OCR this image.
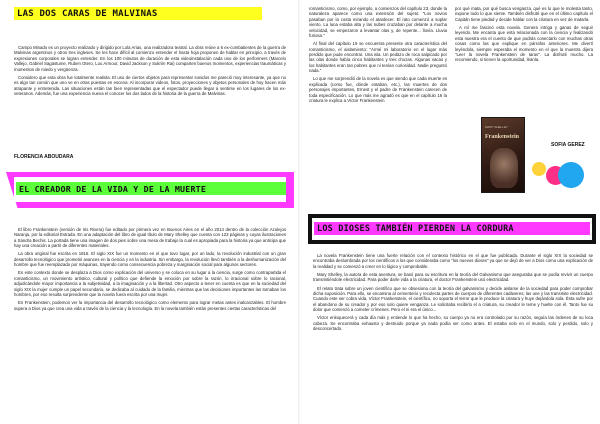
LAS DOS CARAS DE MALVINAS

Campo Minado es un proyecto realizado y dirigido por Lola Arias, una realizadora teatral. La obra reúne a 6 ex-combatientes de la guerra de Malvinas argentinos y otros tres ingleses. Se les hace difícil al comienzo entender el hasta hoja proponen de hablar en principio, a través de expresiones corporales se logran entender. En los 100 minutos de duración de esta videoinstalación cada uno de los performers (Marcelo Vallejo, Gabriel Sagastume, Ruben Otero, Lou Armour, David Jackson y Sukrim Rai) comparten buenos momentos, experiencias traumáticas y momentos de miedo y vergüenza.

Considero que esta obra fue totalmente realista. El uso de ciertos objetos para representar sonidos me pareció muy interesante, ya que no es algo tan común que uno ve en otras puestas en escena. Al incorporar videos, fotos, proyecciones y objetos personales de hoy hacen más atrapante y entretenida. Las situaciones están tan bien representadas que el espectador puede llegar a sentirse en los lugares de los ex-veteranos. Además, fue una experiencia nueva el conocer los dos lados de la historia de la guerra de Malvinas.

FLORENCIA ABOUDARA
EL CREADOR DE LA VIDA Y DE LA MUERTE

El libro Frankenstein (versión de Iris Rivera) fue editado por primera vez en Buenos Aires en el año 2014 dentro de la colección Azulejos Naranja, por la editorial Estrada. En una adaptación del libro de igual título de Mary Shelley que cuenta con 123 páginas y cuyas ilustraciones a Sandra Bechis. La portada tiene una imagen de dos pies sobre una mesa de trabajo la cual es apropiada para la historia ya que anticipa que hay una creación a partir de diferentes materiales.

La obra original fue escrita en 1816. El siglo XIX fue un momento en el que tuvo lugar, por un lado, la revolución industrial con un gran desarrollo tecnológico que prometió avances en la ciencia y en la industria. Sin embargo, la revolución llevó también a la deshumanización del hombre que fue reemplazado por máquinas, trayendo como consecuencia pobreza y marginación social para algunos sectores.

En este contexto donde se desplaza a Dios como explicación del universo y se coloca en su lugar a la ciencia, surge como contrapartida el romanticismo, un movimiento artístico, cultural y político que defiende la emoción por sobre la razón, lo irracional sobre lo racional, adjudicándole mayor importancia a la subjetividad, a la imaginación y a la libertad. Otro aspecto a tener en cuenta es que en la sociedad del siglo XIX la mujer cumple un papel secundario, se dedicaba al cuidado de la familia, mientras que las decisiones importantes las tomaban los hombres, por eso resulta sorprendente que la novela fuera escrita por una mujer.

En Frankenstein, podemos ver la importancia del desarrollo tecnológico como elemento para lograr metas antes inalcanzables. El hombre supera a Dios ya que crea una vida a través de la ciencia y la tecnología. En la novela también están presentes ciertas características del

romanticismo, como, por ejemplo, a comienzos del capítulo 23, donde la naturaleza aparece como una extensión del sujeto: "Los novios pasaban por la costa mirando el atardecer. El rato comenzó a soplar viento. La luna estaba alta y las nubes cruzaban por delante a mucha velocidad, se empezaron a levantar olas y, de repente... llovía. Lluvia furiosa."

Al final del capítulo 19 se encuentra presente otra característica del romanticismo, el aislamiento: "Armé mi laboratorio en el lugar más perdido que pude encontrar. Una isla. Un pedazo de roca salpicado por las olas donde había cinco habitantes y tres chozas. Algunas vacas y los habitantes eran tan pobres que ni tenían curiosidad. Nadie preguntó nada."

Lo que me sorprendió de la novela es que siendo que cada muerte es explicada (como fue, dónde estaban, etc.), las muertes de dos personajes importantes, Ernest y el padre de Frankenstein carecen de toda especificación. Lo que más me agradó es que en el capítulo 16 la criatura le explica a Víctor Frankenstein

por qué mata, por qué busca venganza, qué es lo que le molesta tanto, expone todo lo que siente. También disfruté que en el último capítulo el Capitán tiene piedad y decide hablar con la criatura en vez de matarla.

A mí me fascinó esta novela. Genera intriga y ganas de seguir leyendo. Me encanta que esta relacionada con la ciencia y fealizandó esta nuestra era el cuento de que podrás conectarlo con muchas otras cosas como las que explique en párrafos anteriores. Me divertí leyéndola, siempre esperaba el momento en el que la muestra dijera "Leer la novela Frankenstein de Iaras". La disfruté mucho. La recomiendo, si tienen la oportunidad, léanla.

SOFIA GEREZ
LOS DIOSES TAMBIÉN PIERDEN LA CORDURA

La novela Frankenstein tiene una fuerte relación con el contexto histórico en el que fue publicada. Durante el siglo XIX la sociedad se encontraba deslumbrada por los científicos a los que consideraba como "los nuevos dioses" ya que se dejó de ver a Dios como una explicación de la realidad y se comenzó a creer en lo lógico y comprobable.

Mary Shelley, la autora de esta aventura, se basó para su escritura en la teoría del Galvanismo que aseguraba que se podía revivir un cuerpo transmitiéndole electricidad. Para poder darle vida a la criatura, el doctor Frankenstein usó electricidad.

El relato trata sobre un joven científico que se obsesiona con la teoría del galvanismo y decide aislarse de la sociedad para poder comprobar dicha suposición. Para ello, se encamina al cementerio y recolecta partes de cuerpos de diferentes cadáveres; las une y las transmite electricidad. Cuando este ser cobra vida, Víctor Frankenstein, el científico, no soporta el terror que le produce la criatura y huye dejándola sola. Ésta sufre por el abandono de su creador y por eso solo quiere venganza. Le solicitaba recibirlo el a criatura, su creador le teme y huelte con él. Tanto fue su dolor que comenzó a cometer crímenes. Pero el ni era el único...

Víctor enloquecerá y cada día más y entiende lo que ha hecho, su cuerpo ya no era controlado por su razón, seguía las órdenes de su loca cabeza. Se encontraba exhausto y destruido porque ya nada podía ser como antes. El estaba solo en el mundo, solo y perdido, solo y desconcertado.

MARY SHELLEY
Frankenstein
